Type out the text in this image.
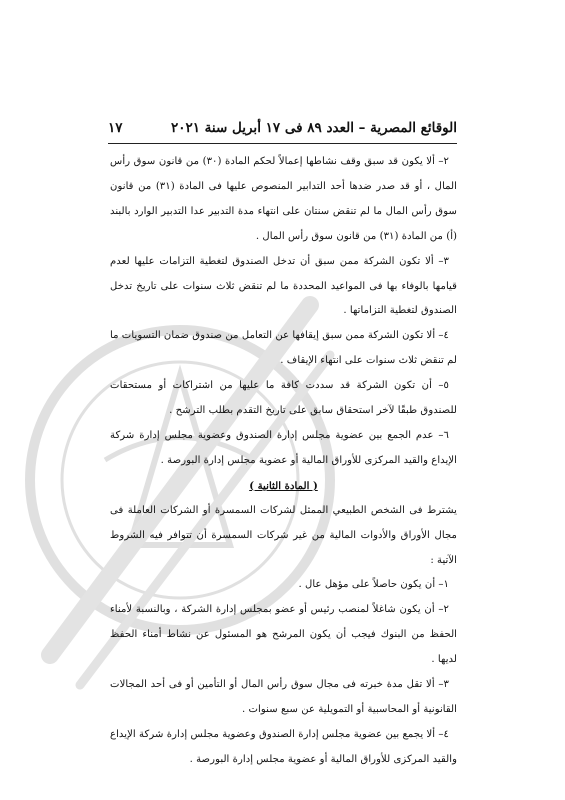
الوقائع المصرية – العدد ٨٩ فى ١٧ أبريل سنة ٢٠٢١
١٧

٢– ألا يكون قد سبق وقف نشاطها إعمالاً لحكم المادة (٣٠) من قانون سوق رأس المال ، أو قد صدر ضدها أحد التدابير المنصوص عليها فى المادة (٣١) من قانون سوق رأس المال ما لم تنقض سنتان على انتهاء مدة التدبير عدا التدبير الوارد بالبند (أ) من المادة (٣١) من قانون سوق رأس المال .

٣– ألا تكون الشركة ممن سبق أن تدخل الصندوق لتغطية التزامات عليها لعدم قيامها بالوفاء بها فى المواعيد المحددة ما لم تنقض ثلاث سنوات على تاريخ تدخل الصندوق لتغطية التزاماتها .

٤– ألا تكون الشركة ممن سبق إيقافها عن التعامل من صندوق ضمان التسويات ما لم تنقض ثلاث سنوات على انتهاء الإيقاف .

٥– أن تكون الشركة قد سددت كافة ما عليها من اشتراكات أو مستحقات للصندوق طبقًا لآخر استحقاق سابق على تاريخ التقدم بطلب الترشح .

٦– عدم الجمع بين عضوية مجلس إدارة الصندوق وعضوية مجلس إدارة شركة الإيداع والقيد المركزى للأوراق المالية أو عضوية مجلس إدارة البورصة .

( المادة الثانية )

يشترط فى الشخص الطبيعي الممثل لشركات السمسرة أو الشركات العاملة فى مجال الأوراق والأدوات المالية من غير شركات السمسرة أن تتوافر فيه الشروط الآتية :

١– أن يكون حاصلاً على مؤهل عال .

٢– أن يكون شاغلاً لمنصب رئيس أو عضو بمجلس إدارة الشركة ، وبالنسبة لأمناء الحفظ من البنوك فيجب أن يكون المرشح هو المسئول عن نشاط أمناء الحفظ لديها .

٣– ألا تقل مدة خبرته فى مجال سوق رأس المال أو التأمين أو فى أحد المجالات القانونية أو المحاسبية أو التمويلية عن سبع سنوات .

٤– ألا يجمع بين عضوية مجلس إدارة الصندوق وعضوية مجلس إدارة شركة الإيداع والقيد المركزى للأوراق المالية أو عضوية مجلس إدارة البورصة .
